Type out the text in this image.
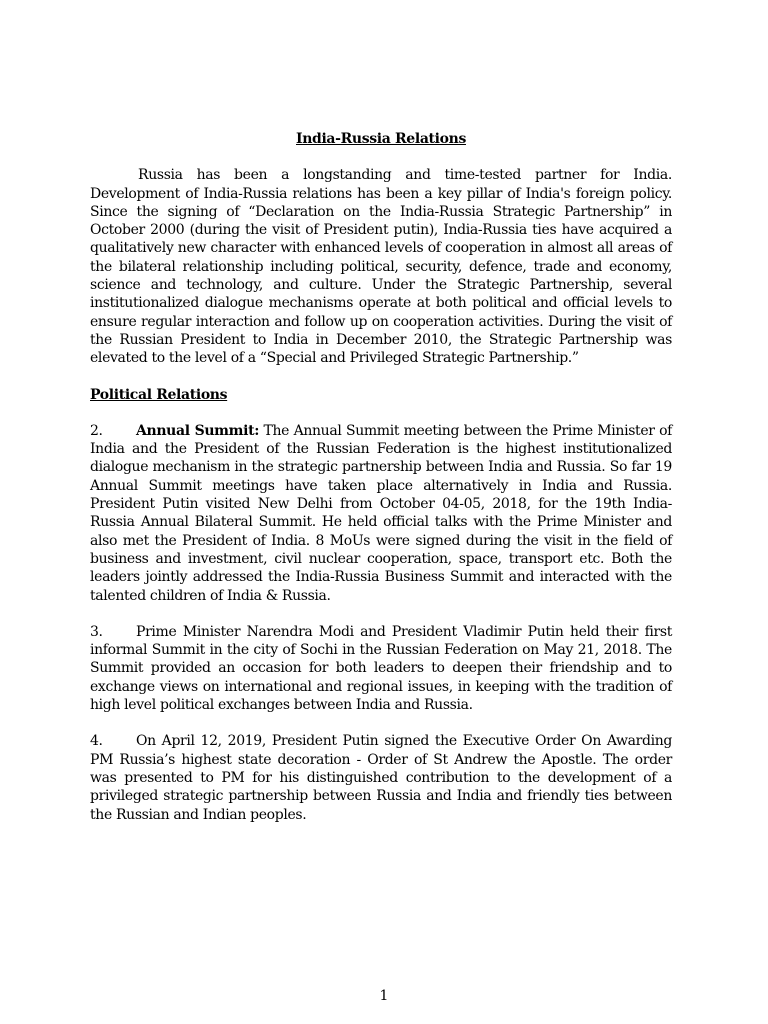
India-Russia Relations

Russia has been a longstanding and time-tested partner for India. Development of India-Russia relations has been a key pillar of India's foreign policy. Since the signing of “Declaration on the India-Russia Strategic Partnership” in October 2000 (during the visit of President putin), India-Russia ties have acquired a qualitatively new character with enhanced levels of cooperation in almost all areas of the bilateral relationship including political, security, defence, trade and economy, science and technology, and culture. Under the Strategic Partnership, several institutionalized dialogue mechanisms operate at both political and official levels to ensure regular interaction and follow up on cooperation activities. During the visit of the Russian President to India in December 2010, the Strategic Partnership was elevated to the level of a “Special and Privileged Strategic Partnership.”

Political Relations

2. Annual Summit: The Annual Summit meeting between the Prime Minister of India and the President of the Russian Federation is the highest institutionalized dialogue mechanism in the strategic partnership between India and Russia. So far 19 Annual Summit meetings have taken place alternatively in India and Russia. President Putin visited New Delhi from October 04-05, 2018, for the 19th India-Russia Annual Bilateral Summit. He held official talks with the Prime Minister and also met the President of India. 8 MoUs were signed during the visit in the field of business and investment, civil nuclear cooperation, space, transport etc. Both the leaders jointly addressed the India-Russia Business Summit and interacted with the talented children of India & Russia.

3. Prime Minister Narendra Modi and President Vladimir Putin held their first informal Summit in the city of Sochi in the Russian Federation on May 21, 2018. The Summit provided an occasion for both leaders to deepen their friendship and to exchange views on international and regional issues, in keeping with the tradition of high level political exchanges between India and Russia.

4. On April 12, 2019, President Putin signed the Executive Order On Awarding PM Russia’s highest state decoration - Order of St Andrew the Apostle. The order was presented to PM for his distinguished contribution to the development of a privileged strategic partnership between Russia and India and friendly ties between the Russian and Indian peoples.

1
